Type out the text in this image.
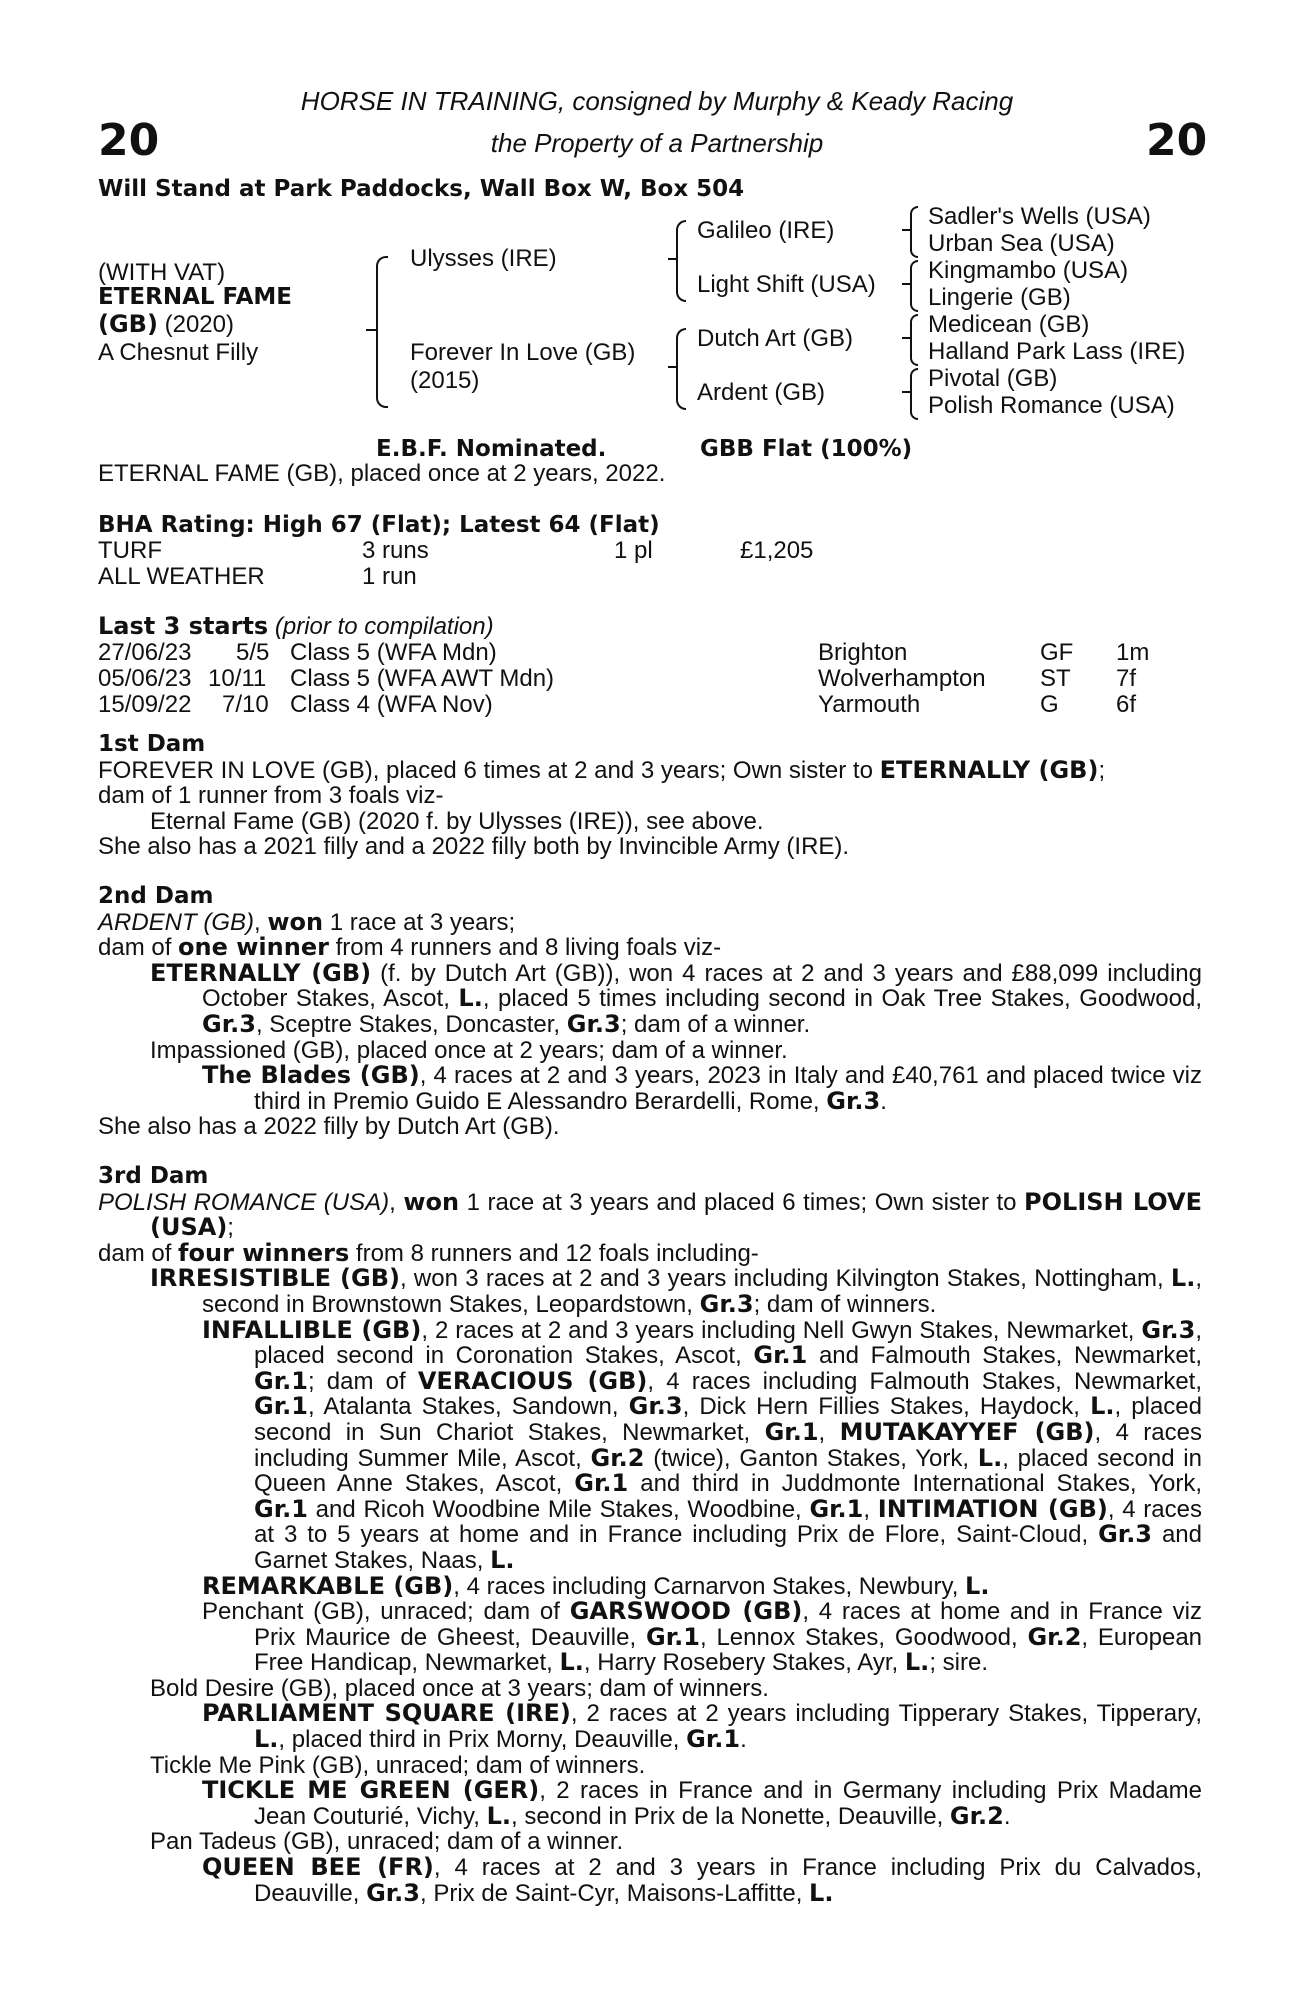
20	20
HORSE IN TRAINING, consigned by Murphy & Keady Racing
the Property of a Partnership
Will Stand at Park Paddocks, Wall Box W, Box 504
(WITH VAT)
ETERNAL FAME
(GB) (2020)
A Chesnut Filly
Ulysses (IRE)
Forever In Love (GB)
(2015)
Galileo (IRE)
Light Shift (USA)
Dutch Art (GB)
Ardent (GB)
Sadler's Wells (USA)
Urban Sea (USA)
Kingmambo (USA)
Lingerie (GB)
Medicean (GB)
Halland Park Lass (IRE)
Pivotal (GB)
Polish Romance (USA)
E.B.F. Nominated.	GBB Flat (100%)
ETERNAL FAME (GB), placed once at 2 years, 2022.
BHA Rating: High 67 (Flat); Latest 64 (Flat)
TURF	3 runs	1 pl	£1,205
ALL WEATHER	1 run
Last 3 starts (prior to compilation)
27/06/23 5/5 Class 5 (WFA Mdn)	Brighton	GF 1m
05/06/23 10/11 Class 5 (WFA AWT Mdn)	Wolverhampton ST 7f
15/09/22 7/10 Class 4 (WFA Nov)	Yarmouth	G 6f

1st Dam

FOREVER IN LOVE (GB), placed 6 times at 2 and 3 years; Own sister to ETERNALLY (GB);

dam of 1 runner from 3 foals viz-

Eternal Fame (GB) (2020 f. by Ulysses (IRE)), see above.

She also has a 2021 filly and a 2022 filly both by Invincible Army (IRE).

2nd Dam

ARDENT (GB), won 1 race at 3 years;

dam of one winner from 4 runners and 8 living foals viz-

ETERNALLY (GB) (f. by Dutch Art (GB)), won 4 races at 2 and 3 years and £88,099 including October Stakes, Ascot, L., placed 5 times including second in Oak Tree Stakes, Goodwood, Gr.3, Sceptre Stakes, Doncaster, Gr.3; dam of a winner.

Impassioned (GB), placed once at 2 years; dam of a winner.

The Blades (GB), 4 races at 2 and 3 years, 2023 in Italy and £40,761 and placed twice viz third in Premio Guido E Alessandro Berardelli, Rome, Gr.3.

She also has a 2022 filly by Dutch Art (GB).

3rd Dam

POLISH ROMANCE (USA), won 1 race at 3 years and placed 6 times; Own sister to POLISH LOVE (USA);

dam of four winners from 8 runners and 12 foals including-

IRRESISTIBLE (GB), won 3 races at 2 and 3 years including Kilvington Stakes, Nottingham, L., second in Brownstown Stakes, Leopardstown, Gr.3; dam of winners.

INFALLIBLE (GB), 2 races at 2 and 3 years including Nell Gwyn Stakes, Newmarket, Gr.3, placed second in Coronation Stakes, Ascot, Gr.1 and Falmouth Stakes, Newmarket, Gr.1; dam of VERACIOUS (GB), 4 races including Falmouth Stakes, Newmarket, Gr.1, Atalanta Stakes, Sandown, Gr.3, Dick Hern Fillies Stakes, Haydock, L., placed second in Sun Chariot Stakes, Newmarket, Gr.1, MUTAKAYYEF (GB), 4 races including Summer Mile, Ascot, Gr.2 (twice), Ganton Stakes, York, L., placed second in Queen Anne Stakes, Ascot, Gr.1 and third in Juddmonte International Stakes, York, Gr.1 and Ricoh Woodbine Mile Stakes, Woodbine, Gr.1, INTIMATION (GB), 4 races at 3 to 5 years at home and in France including Prix de Flore, Saint-Cloud, Gr.3 and Garnet Stakes, Naas, L.

REMARKABLE (GB), 4 races including Carnarvon Stakes, Newbury, L.

Penchant (GB), unraced; dam of GARSWOOD (GB), 4 races at home and in France viz Prix Maurice de Gheest, Deauville, Gr.1, Lennox Stakes, Goodwood, Gr.2, European Free Handicap, Newmarket, L., Harry Rosebery Stakes, Ayr, L.; sire.

Bold Desire (GB), placed once at 3 years; dam of winners.

PARLIAMENT SQUARE (IRE), 2 races at 2 years including Tipperary Stakes, Tipperary, L., placed third in Prix Morny, Deauville, Gr.1.

Tickle Me Pink (GB), unraced; dam of winners.

TICKLE ME GREEN (GER), 2 races in France and in Germany including Prix Madame Jean Couturié, Vichy, L., second in Prix de la Nonette, Deauville, Gr.2.

Pan Tadeus (GB), unraced; dam of a winner.

QUEEN BEE (FR), 4 races at 2 and 3 years in France including Prix du Calvados, Deauville, Gr.3, Prix de Saint-Cyr, Maisons-Laffitte, L.
